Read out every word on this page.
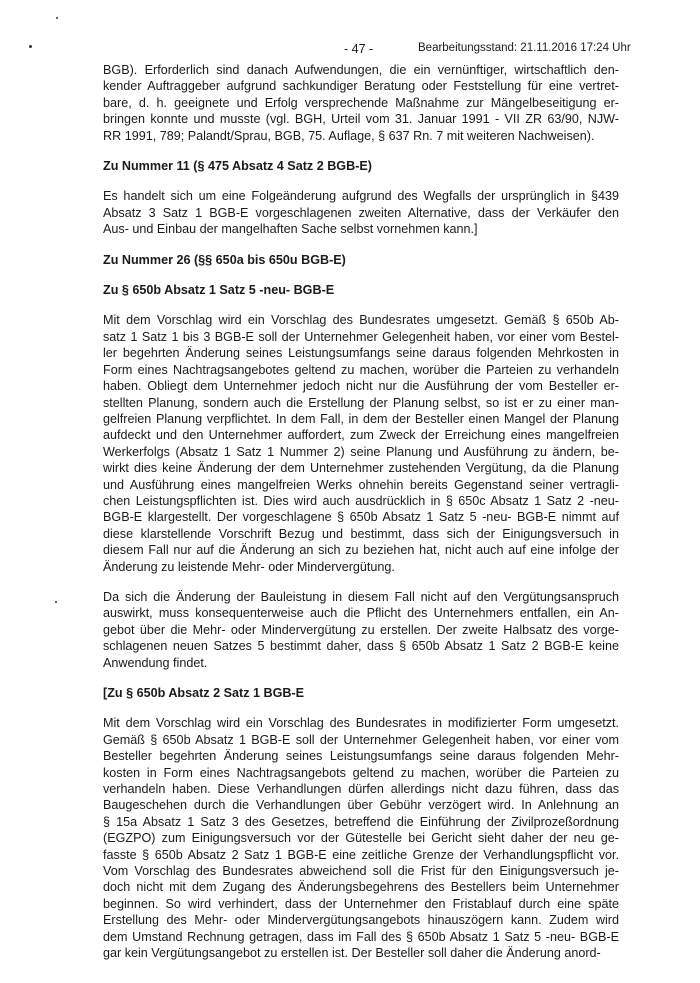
- 47 -	Bearbeitungsstand: 21.11.2016 17:24 Uhr

BGB). Erforderlich sind danach Aufwendungen, die ein vernünftiger, wirtschaftlich den-
kender Auftraggeber aufgrund sachkundiger Beratung oder Feststellung für eine vertret-
bare, d. h. geeignete und Erfolg versprechende Maßnahme zur Mängelbeseitigung er-
bringen konnte und musste (vgl. BGH, Urteil vom 31. Januar 1991 - VII ZR 63/90, NJW-
RR 1991, 789; Palandt/Sprau, BGB, 75. Auflage, § 637 Rn. 7 mit weiteren Nachweisen).

Zu Nummer 11 (§ 475 Absatz 4 Satz 2 BGB-E)

Es handelt sich um eine Folgeänderung aufgrund des Wegfalls der ursprünglich in §439
Absatz 3 Satz 1 BGB-E vorgeschlagenen zweiten Alternative, dass der Verkäufer den
Aus- und Einbau der mangelhaften Sache selbst vornehmen kann.]

Zu Nummer 26 (§§ 650a bis 650u BGB-E)
Zu § 650b Absatz 1 Satz 5 -neu- BGB-E

Mit dem Vorschlag wird ein Vorschlag des Bundesrates umgesetzt. Gemäß § 650b Ab-
satz 1 Satz 1 bis 3 BGB-E soll der Unternehmer Gelegenheit haben, vor einer vom Bestel-
ler begehrten Änderung seines Leistungsumfangs seine daraus folgenden Mehrkosten in
Form eines Nachtragsangebotes geltend zu machen, worüber die Parteien zu verhandeln
haben. Obliegt dem Unternehmer jedoch nicht nur die Ausführung der vom Besteller er-
stellten Planung, sondern auch die Erstellung der Planung selbst, so ist er zu einer man-
gelfreien Planung verpflichtet. In dem Fall, in dem der Besteller einen Mangel der Planung
aufdeckt und den Unternehmer auffordert, zum Zweck der Erreichung eines mangelfreien
Werkerfolgs (Absatz 1 Satz 1 Nummer 2) seine Planung und Ausführung zu ändern, be-
wirkt dies keine Änderung der dem Unternehmer zustehenden Vergütung, da die Planung
und Ausführung eines mangelfreien Werks ohnehin bereits Gegenstand seiner vertragli-
chen Leistungspflichten ist. Dies wird auch ausdrücklich in § 650c Absatz 1 Satz 2 -neu-
BGB-E klargestellt. Der vorgeschlagene § 650b Absatz 1 Satz 5 -neu- BGB-E nimmt auf
diese klarstellende Vorschrift Bezug und bestimmt, dass sich der Einigungsversuch in
diesem Fall nur auf die Änderung an sich zu beziehen hat, nicht auch auf eine infolge der
Änderung zu leistende Mehr- oder Mindervergütung.

Da sich die Änderung der Bauleistung in diesem Fall nicht auf den Vergütungsanspruch
auswirkt, muss konsequenterweise auch die Pflicht des Unternehmers entfallen, ein An-
gebot über die Mehr- oder Mindervergütung zu erstellen. Der zweite Halbsatz des vorge-
schlagenen neuen Satzes 5 bestimmt daher, dass § 650b Absatz 1 Satz 2 BGB-E keine
Anwendung findet.

[Zu § 650b Absatz 2 Satz 1 BGB-E

Mit dem Vorschlag wird ein Vorschlag des Bundesrates in modifizierter Form umgesetzt.
Gemäß § 650b Absatz 1 BGB-E soll der Unternehmer Gelegenheit haben, vor einer vom
Besteller begehrten Änderung seines Leistungsumfangs seine daraus folgenden Mehr-
kosten in Form eines Nachtragsangebots geltend zu machen, worüber die Parteien zu
verhandeln haben. Diese Verhandlungen dürfen allerdings nicht dazu führen, dass das
Baugeschehen durch die Verhandlungen über Gebühr verzögert wird. In Anlehnung an
§ 15a Absatz 1 Satz 3 des Gesetzes, betreffend die Einführung der Zivilprozeßordnung
(EGZPO) zum Einigungsversuch vor der Gütestelle bei Gericht sieht daher der neu ge-
fasste § 650b Absatz 2 Satz 1 BGB-E eine zeitliche Grenze der Verhandlungspflicht vor.
Vom Vorschlag des Bundesrates abweichend soll die Frist für den Einigungsversuch je-
doch nicht mit dem Zugang des Änderungsbegehrens des Bestellers beim Unternehmer
beginnen. So wird verhindert, dass der Unternehmer den Fristablauf durch eine späte
Erstellung des Mehr- oder Mindervergütungsangebots hinauszögern kann. Zudem wird
dem Umstand Rechnung getragen, dass im Fall des § 650b Absatz 1 Satz 5 -neu- BGB-E
gar kein Vergütungsangebot zu erstellen ist. Der Besteller soll daher die Änderung anord-
